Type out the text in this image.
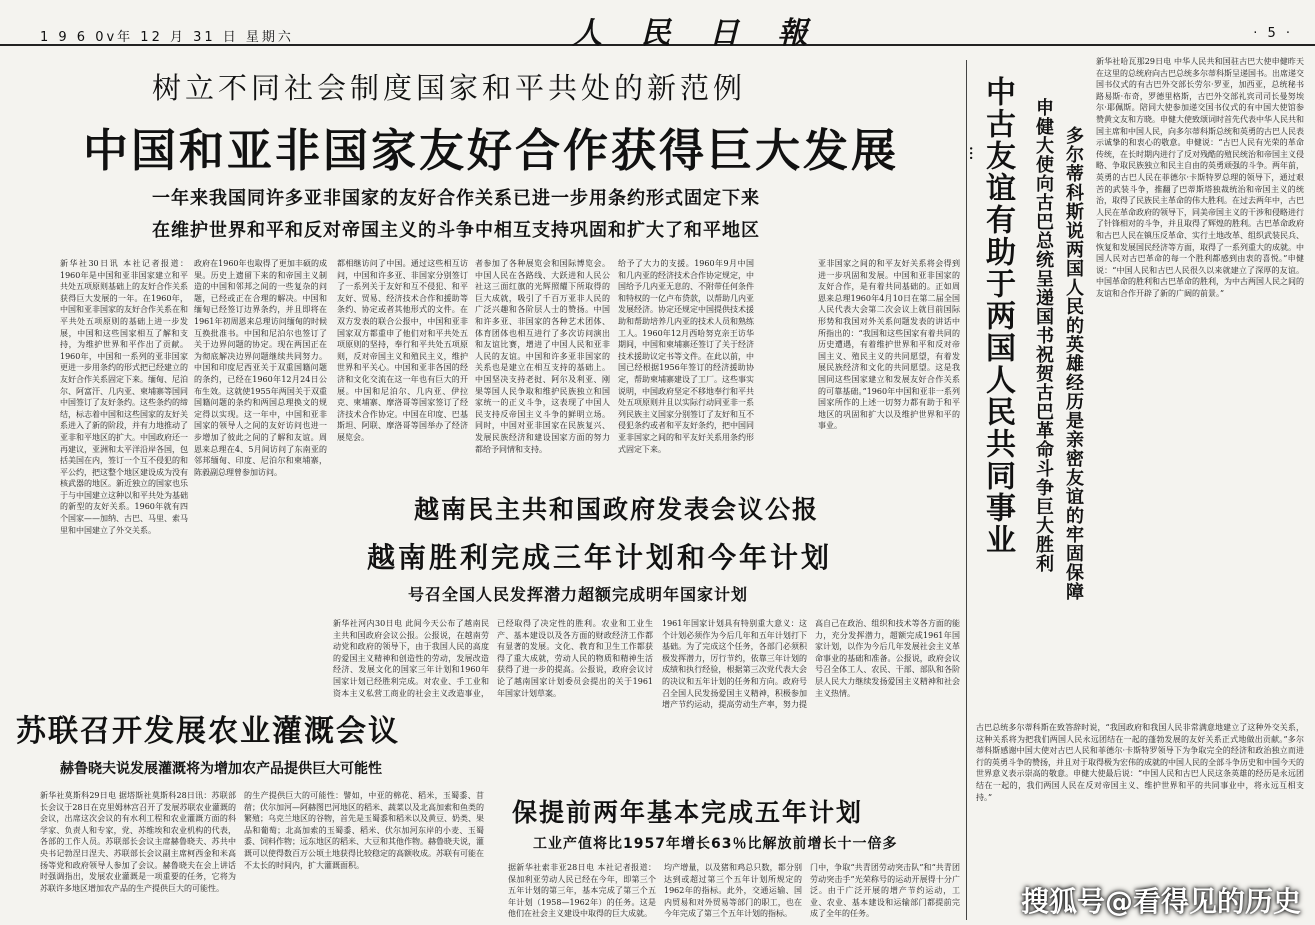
1 9 6 0v年 12 月 31 日 星期六	人 民 日 報	· 5 ·
树立不同社会制度国家和平共处的新范例
中国和亚非国家友好合作获得巨大发展
一年来我国同许多亚非国家的友好合作关系已进一步用条约形式固定下来
在维护世界和平和反对帝国主义的斗争中相互支持巩固和扩大了和平地区
新华社30日讯 本社记者报道：1960年是中国和亚非国家建立和平共处五项原则基础上的友好合作关系获得巨大发展的一年。在1960年，中国和亚非国家的友好合作关系在和平共处五项原则的基础上进一步发展，中国和这些国家相互了解和支持，为维护世界和平作出了贡献。1960年，中国和一系列的亚非国家更进一步用条约的形式把已经建立的友好合作关系固定下来。缅甸、尼泊尔、阿富汗、几内亚、柬埔寨等国同中国签订了友好条约。这些条约的缔结，标志着中国和这些国家的友好关系进入了新的阶段，并有力地推动了亚非和平地区的扩大。中国政府还一再建议，亚洲和太平洋沿岸各国，包括美国在内，签订一个互不侵犯的和平公约，把这整个地区建设成为没有核武器的地区。新近独立的国家也乐于与中国建立这种以和平共处为基础的新型的友好关系。1960年就有四个国家——加纳、古巴、马里、索马里和中国建立了外交关系。
政府在1960年也取得了更加丰硕的成果。历史上遗留下来的和帝国主义制造的中国和邻邦之间的一些复杂的问题，已经或正在合理的解决。中国和缅甸已经签订边界条约，并且即将在1961年初周恩来总理访问缅甸的时候互换批准书。中国和尼泊尔也签订了关于边界问题的协定。现在两国正在为彻底解决边界问题继续共同努力。中国和印度尼西亚关于双重国籍问题的条约，已经在1960年12月24日公布生效。这就使1955年两国关于双重国籍问题的条约和两国总理换文的规定得以实现。这一年中，中国和亚非国家的领导人之间的友好访问也进一步增加了彼此之间的了解和友谊。周恩来总理在4、5月间访问了东南亚的邻邦缅甸、印度、尼泊尔和柬埔寨，陈毅副总理曾参加访问。
都相继访问了中国。通过这些相互访问，中国和许多亚、非国家分别签订了一系列关于友好和互不侵犯、和平友好、贸易、经济技术合作和援助等条约、协定或者其他形式的文件。在双方发表的联合公报中，中国和亚非国家双方都重申了他们对和平共处五项原则的坚持，奉行和平共处五项原则，反对帝国主义和殖民主义，维护世界和平关心。中国和亚非各国的经济和文化交流在这一年也有巨大的开展。中国和尼泊尔、几内亚、伊拉克、柬埔寨、摩洛哥等国家签订了经济技术合作协定。中国在印度、巴基斯坦、阿联、摩洛哥等国举办了经济展览会。
者参加了各种展览会和国际博览会。中国人民在各路线、大跃进和人民公社这三面红旗的光辉照耀下所取得的巨大成就，吸引了千百万亚非人民的广泛兴趣和各阶层人士的赞扬。中国和许多亚、非国家的各种艺术团体、体育团体也相互进行了多次访问演出和友谊比赛，增进了中国人民和亚非人民的友谊。中国和许多亚非国家的关系也是建立在相互支持的基础上。中国坚决支持老挝、阿尔及利亚、刚果等国人民争取和维护民族独立和国家统一的正义斗争，这表现了中国人民支持反帝国主义斗争的鲜明立场。同时，中国对亚非国家在民族复兴、发展民族经济和建设国家方面的努力都给予同情和支持。
给予了大力的支援。1960年9月中国和几内亚的经济技术合作协定规定，中国给予几内亚无息的、不附带任何条件和特权的一亿卢布贷款，以帮助几内亚发展经济。协定还规定中国提供技术援助和帮助培养几内亚的技术人员和熟练工人。1960年12月西哈努克亲王访华期间，中国和柬埔寨还签订了关于经济技术援助议定书等文件。在此以前，中国已经根据1956年签订的经济援助协定，帮助柬埔寨建设了工厂。这些事实说明，中国政府坚定不移地奉行和平共处五项原则并且以实际行动同亚非一系列民族主义国家分别签订了友好和互不侵犯条约或者和平友好条约，把中国同亚非国家之间的和平友好关系用条约形式固定下来。
亚非国家之间的和平友好关系将会得到进一步巩固和发展。中国和亚非国家的友好合作，是有着共同基础的。正如周恩来总理1960年4月10日在第二届全国人民代表大会第二次会议上就目前国际形势和我国对外关系问题发表的讲话中所指出的：“我国和这些国家有着共同的历史遭遇，有着维护世界和平和反对帝国主义、殖民主义的共同愿望，有着发展民族经济和文化的共同愿望。这是我国同这些国家建立和发展友好合作关系的可靠基础。”1960年中国和亚非一系列国家所作的上述一切努力都有助于和平地区的巩固和扩大以及维护世界和平的事业。
越南民主共和国政府发表会议公报
越南胜利完成三年计划和今年计划
号召全国人民发挥潜力超额完成明年国家计划
新华社河内30日电 此间今天公布了越南民主共和国政府会议公报。公报说，在越南劳动党和政府的领导下，由于我国人民的高度的爱国主义精神和创造性的劳动，发展改造经济、发展文化的国家三年计划和1960年国家计划已经胜利完成。对农业、手工业和资本主义私营工商业的社会主义改造事业，已经取得了决定性的胜利。农业和工业生产、基本建设以及各方面的财政经济工作都有显著的发展。文化、教育和卫生工作都获得了重大成就，劳动人民的物质和精神生活获得了进一步的提高。公报说，政府会议讨论了越南国家计划委员会提出的关于1961年国家计划草案。
1961年国家计划具有特别重大意义：这个计划必须作为今后几年和五年计划打下基础。为了完成这个任务，各部门必须积极发挥潜力，厉行节约，依靠三年计划的成绩和执行经验，根据第三次党代表大会的决议和五年计划的任务和方向。政府号召全国人民发扬爱国主义精神，积极参加增产节约运动，提高劳动生产率，努力提高自己在政治、组织和技术等各方面的能力，充分发挥潜力，超额完成1961年国家计划，以作为今后几年发展社会主义革命事业的基础和准备。公报说，政府会议号召全体工人、农民、干部、部队和各阶层人民大力继续发扬爱国主义精神和社会主义热情。
苏联召开发展农业灌溉会议
赫鲁晓夫说发展灌溉将为增加农产品提供巨大可能性
新华社莫斯科29日电 据塔斯社莫斯科28日讯：苏联部长会议于28日在克里姆林宫召开了发展苏联农业灌溉的会议，出席这次会议的有水利工程和农业灌溉方面的科学家、负责人和专家，党、苏维埃和农业机构的代表，各部的工作人员。苏联部长会议主席赫鲁晓夫、苏共中央书记勃涅日涅夫、苏联部长会议副主席柯西金和米高扬等党和政府领导人参加了会议。赫鲁晓夫在会上讲话时强调指出，发展农业灌溉是一项重要的任务，它将为苏联许多地区增加农产品的生产提供巨大的可能性。
的生产提供巨大的可能性：譬如，中亚的棉花、稻米，玉蜀黍、苜蓿；伏尔加河—阿赫图巴河地区的稻米、蔬菜以及北高加索和鱼类的繁殖；乌克兰地区的谷物，首先是玉蜀黍和稻米以及黄豆、奶类、果品和葡萄；北高加索的玉蜀黍、稻米、伏尔加河东岸的小麦、玉蜀黍、饲料作物；远东地区的稻米、大豆和其他作物。赫鲁晓夫说，灌溉可以使得数百万公顷土地获得比较稳定的高额收成。苏联有可能在不太长的时间内，扩大灌溉面积。
保提前两年基本完成五年计划
工业产值将比1957年增长63％比解放前增长十一倍多
据新华社索非亚28日电 本社记者报道：保加利亚劳动人民已经在今年，即第三个五年计划的第三年，基本完成了第三个五年计划（1958—1962年）的任务。这是他们在社会主义建设中取得的巨大成就。
均产增量，以及猪和鸡总只数，都分别达到或超过第三个五年计划所规定的1962年的指标。此外，交通运输、国内贸易和对外贸易等部门的职工，也在今年完成了第三个五年计划的指标。
门中，争取“共青团劳动突击队”和“共青团劳动突击手”光荣称号的运动开展得十分广泛。由于广泛开展的增产节约运动，工业、农业、基本建设和运输部门都提前完成了全年的任务。
••• 中古友谊有助于两国人民共同事业 申健大使向古巴总统呈递国书祝贺古巴革命斗争巨大胜利 多尔蒂科斯说两国人民的英雄经历是亲密友谊的牢固保障
新华社哈瓦那29日电 中华人民共和国驻古巴大使申健昨天在这里的总统府向古巴总统多尔蒂科斯呈递国书。出席递交国书仪式的有古巴外交部长劳尔·罗亚，加西亚，总统秘书路易斯·布奇，罗德里格斯，古巴外交部礼宾司司长曼努埃尔·耶佩斯。陪同大使参加递交国书仪式的有中国大使馆参赞黄文友和方晓。申健大使致颂词时首先代表中华人民共和国主席和中国人民，向多尔蒂科斯总统和英勇的古巴人民表示诚挚的和衷心的敬意。申健说：“古巴人民有光荣的革命传统，在长时期内进行了反对残酷的殖民统治和帝国主义侵略、争取民族独立和民主自由的英勇顽强的斗争。两年前，英勇的古巴人民在菲德尔·卡斯特罗总理的领导下，通过艰苦的武装斗争，推翻了巴蒂斯塔独裁统治和帝国主义的统治，取得了民族民主革命的伟大胜利。在过去两年中，古巴人民在革命政府的领导下，同美帝国主义的干涉和侵略进行了针锋相对的斗争，并且取得了辉煌的胜利。古巴革命政府和古巴人民在镇压反革命、实行土地改革、组织武装民兵、恢复和发展国民经济等方面，取得了一系列重大的成就。中国人民对古巴革命的每一个胜利都感到由衷的喜悦。”申健说：“中国人民和古巴人民很久以来就建立了深厚的友谊。中国革命的胜利和古巴革命的胜利，为中古两国人民之间的友谊和合作开辟了新的广阔的前景。”
古巴总统多尔蒂科斯在致答辞时说，“我国政府和我国人民非常满意地建立了这种外交关系，这种关系将为把我们两国人民永远团结在一起的蓬勃发展的友好关系正式地做出贡献。”多尔蒂科斯感谢中国大使对古巴人民和菲德尔·卡斯特罗领导下为争取完全的经济和政治独立而进行的英勇斗争的赞扬，并且对于取得极为宏伟的成就的中国人民的全部斗争历史和中国今天的世界意义表示崇高的敬意。申健大使最后说：“中国人民和古巴人民这条英雄的经历是永远团结在一起的，我们两国人民在反对帝国主义、维护世界和平的共同事业中，将永远互相支持。”
搜狐号@看得见的历史
